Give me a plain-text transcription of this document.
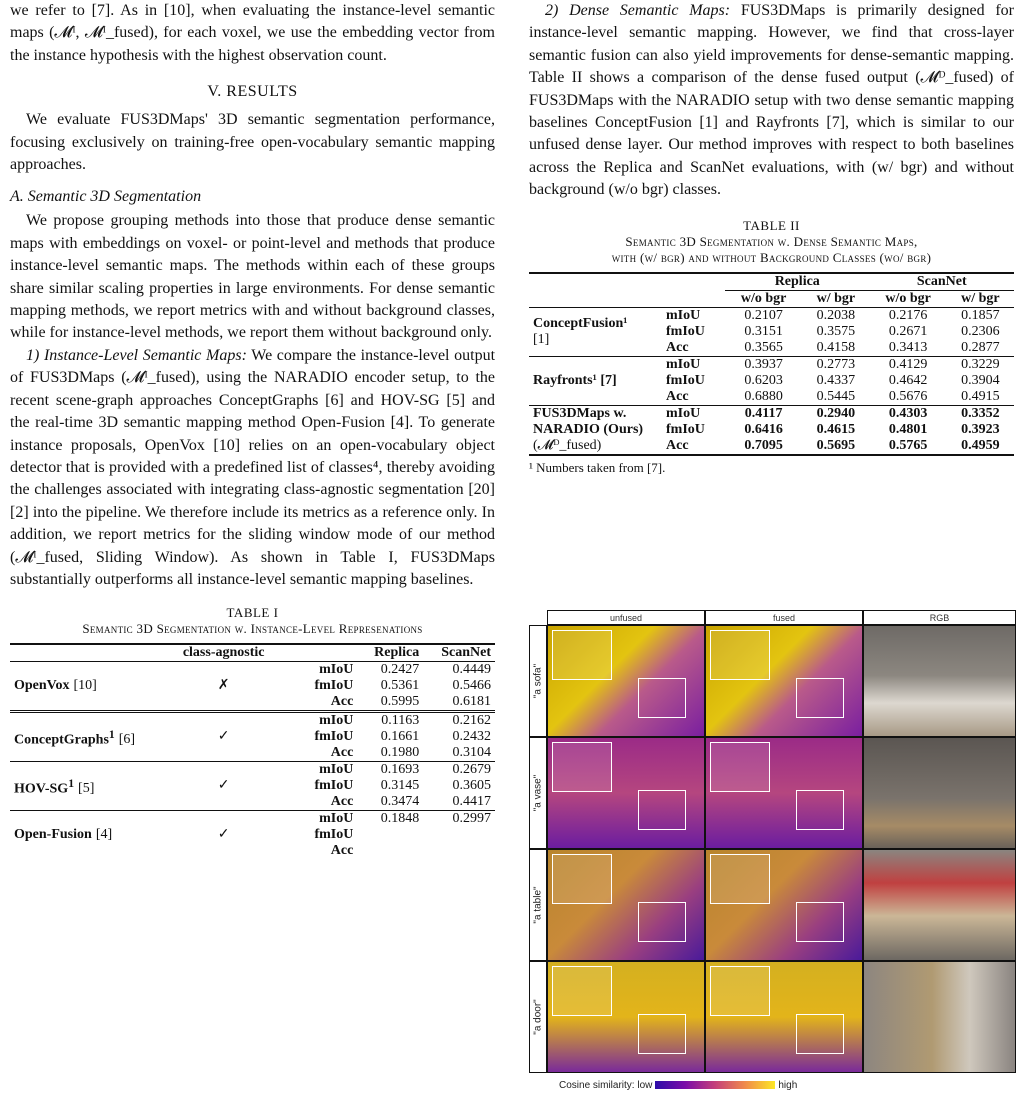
we refer to [7]. As in [10], when evaluating the instance-level semantic maps (𝓜ᴵ, 𝓜ᴵ_fused), for each voxel, we use the embedding vector from the instance hypothesis with the highest observation count.

V. RESULTS

We evaluate FUS3DMaps' 3D semantic segmentation performance, focusing exclusively on training-free open-vocabulary semantic mapping approaches.

A. Semantic 3D Segmentation

We propose grouping methods into those that produce dense semantic maps with embeddings on voxel- or point-level and methods that produce instance-level semantic maps. The methods within each of these groups share similar scaling properties in large environments. For dense semantic mapping methods, we report metrics with and without background classes, while for instance-level methods, we report them without background only.

1) Instance-Level Semantic Maps: We compare the instance-level output of FUS3DMaps (𝓜ᴵ_fused), using the NARADIO encoder setup, to the recent scene-graph approaches ConceptGraphs [6] and HOV-SG [5] and the real-time 3D semantic mapping method Open-Fusion [4]. To generate instance proposals, OpenVox [10] relies on an open-vocabulary object detector that is provided with a predefined list of classes⁴, thereby avoiding the challenges associated with integrating class-agnostic segmentation [20] [2] into the pipeline. We therefore include its metrics as a reference only. In addition, we report metrics for the sliding window mode of our method (𝓜ᴵ_fused, Sliding Window). As shown in Table I, FUS3DMaps substantially outperforms all instance-level semantic mapping baselines.

TABLE I
Semantic 3D Segmentation w. Instance-Level Represenations
	class-agnostic		Replica	ScanNet
OpenVox [10]	✗	mIoU	0.2427	0.4449
		fmIoU	0.5361	0.5466
		Acc	0.5995	0.6181
ConceptGraphs$^1$ [6]	✓	mIoU	0.1163	0.2162
		fmIoU	0.1661	0.2432
		Acc	0.1980	0.3104
HOV-$SG^1$ [5]	✓	mIoU	0.1693	0.2679
		fmIoU	0.3145	0.3605
		Acc	0.3474	0.4417
Open-Fusion [4]	✓	mIoU	0.1848	0.2997
		fmIoU		
		Acc		

2) Dense Semantic Maps: FUS3DMaps is primarily designed for instance-level semantic mapping. However, we find that cross-layer semantic fusion can also yield improvements for dense-semantic mapping. Table II shows a comparison of the dense fused output (𝓜ᴰ_fused) of FUS3DMaps with the NARADIO setup with two dense semantic mapping baselines ConceptFusion [1] and Rayfronts [7], which is similar to our unfused dense layer. Our method improves with respect to both baselines across the Replica and ScanNet evaluations, with (w/ bgr) and without background (w/o bgr) classes.

TABLE II
Semantic 3D Segmentation w. Dense Semantic Maps,
with (w/ bgr) and without Background Classes (wo/ bgr)
		Replica		ScanNet	
		w/o bgr	w/ bgr	w/o bgr	w/ bgr

ConceptFusion¹
[1]	mIoU	0.2107	0.2038	0.2176	0.1857
	fmIoU	0.3151	0.3575	0.2671	0.2306
	Acc	0.3565	0.4158	0.3413	0.2877

Rayfronts¹ [7]	mIoU	0.3937	0.2773	0.4129	0.3229
	fmIoU	0.6203	0.4337	0.4642	0.3904
	Acc	0.6880	0.5445	0.5676	0.4915

FUS3DMaps w.
NARADIO (Ours)
(𝓜ᴰ_fused)	mIoU	0.4117	0.2940	0.4303	0.3352
	fmIoU	0.6416	0.4615	0.4801	0.3923
	Acc	0.7095	0.5695	0.5765	0.4959

¹ Numbers taken from [7].
unfused	fused	RGB
"a sofa"
"a vase"
"a table"
"a door"
Cosine similarity: low	high
